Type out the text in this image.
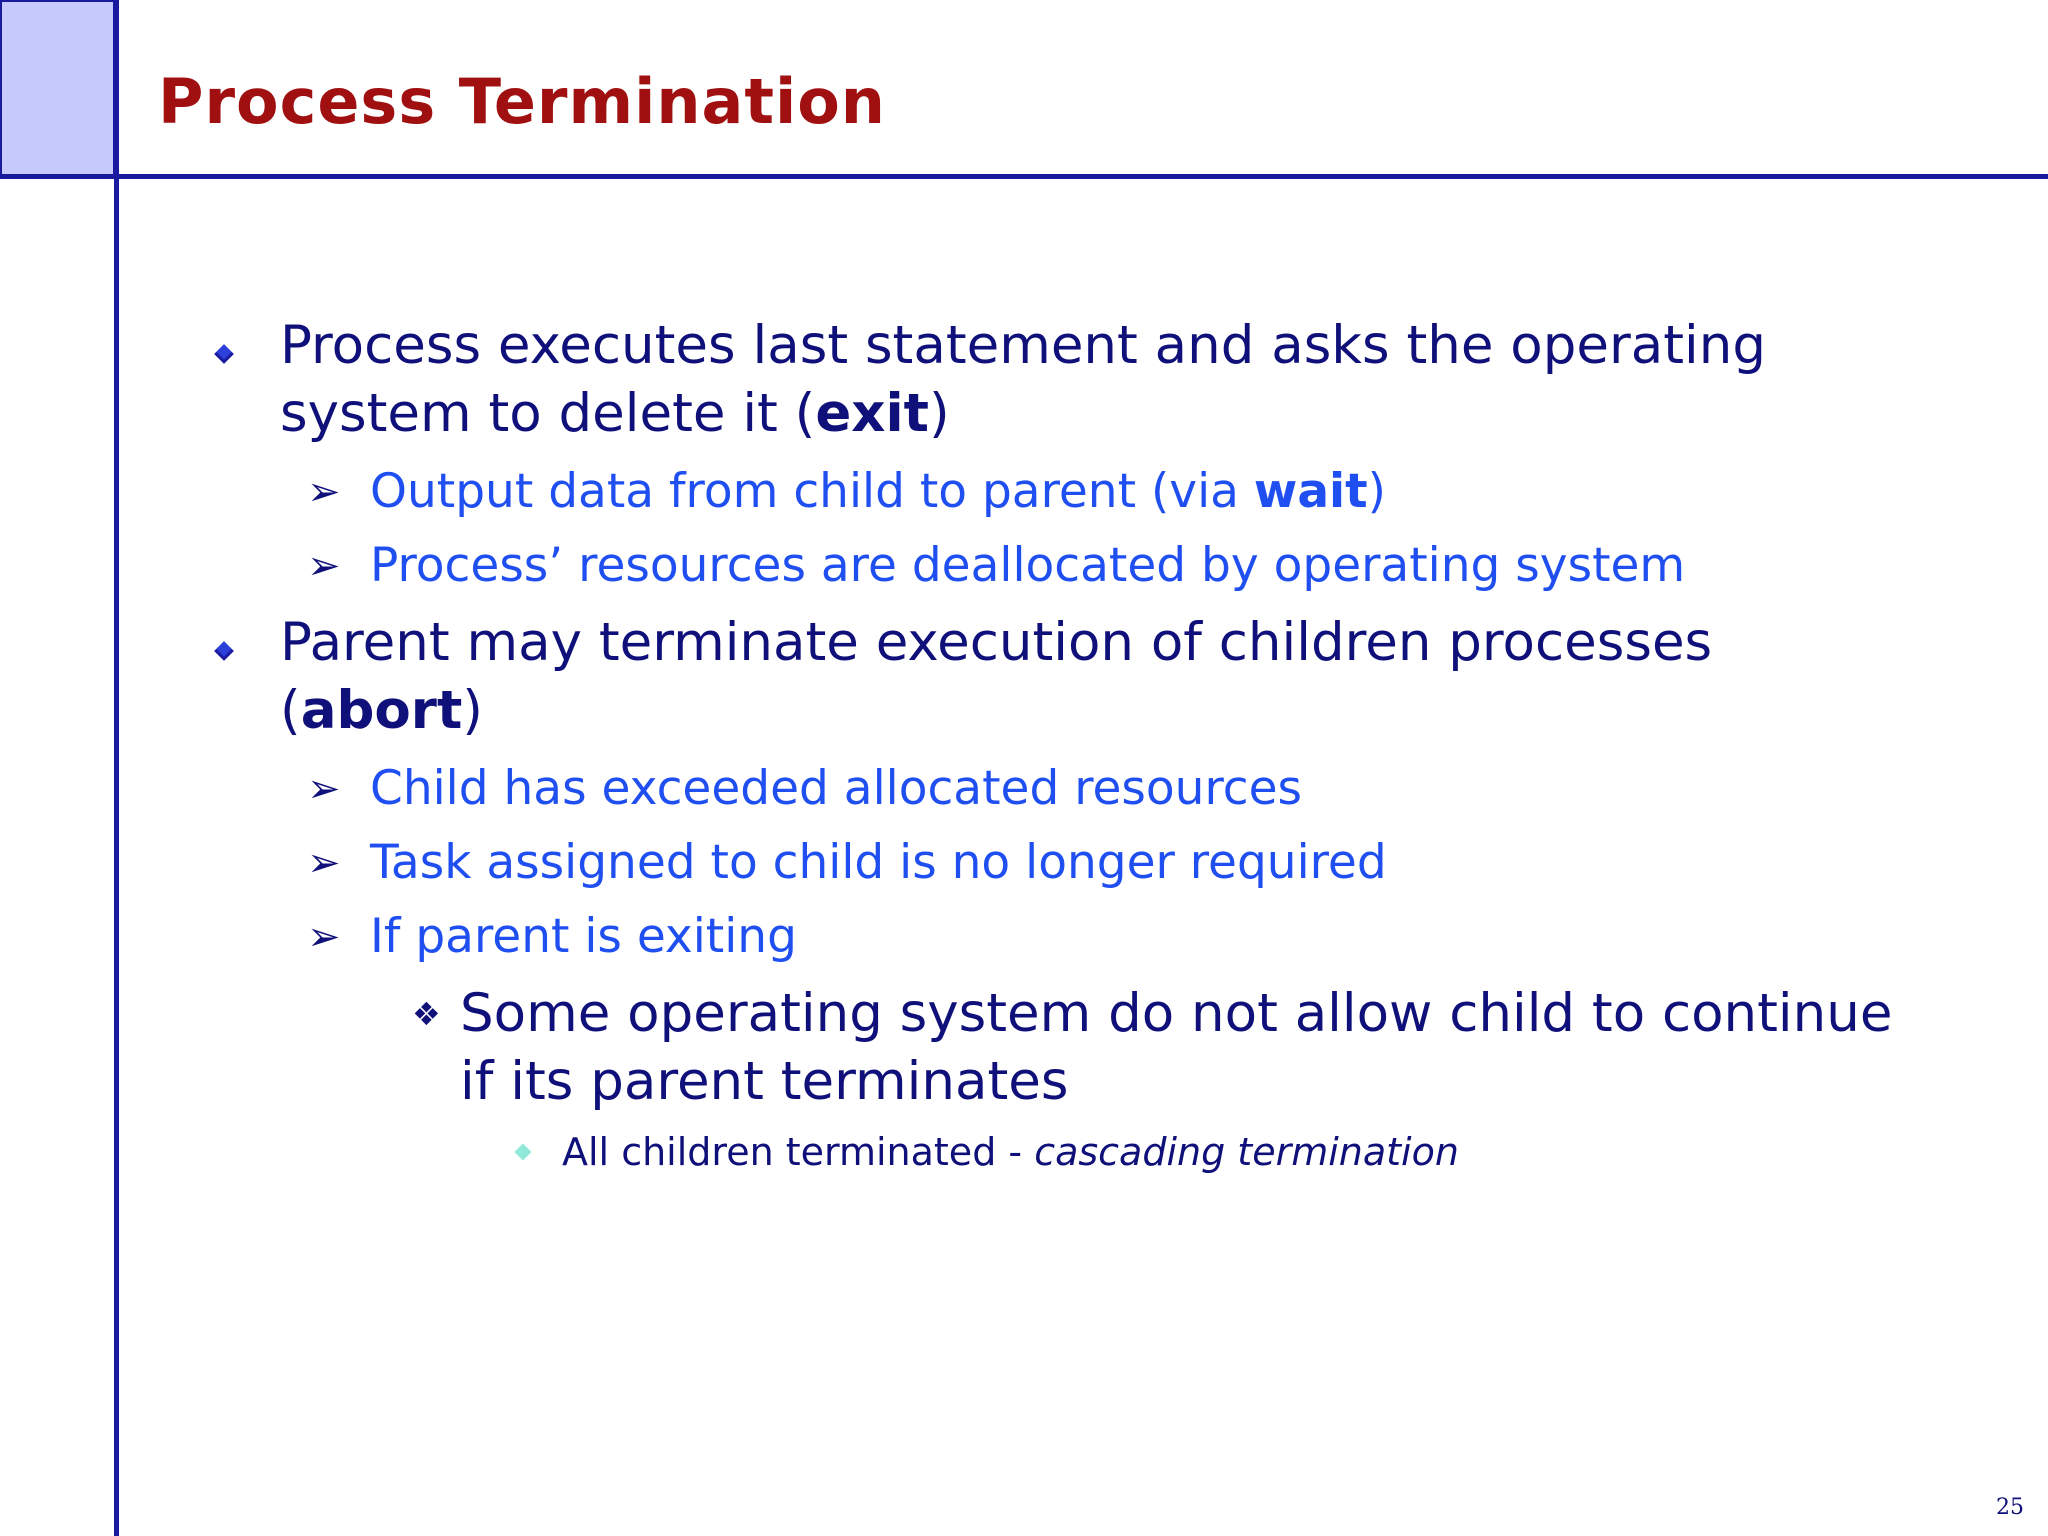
Process Termination

Process executes last statement and asks the operating system to delete it (exit)

➢ Output data from child to parent (via wait)

➢ Process’ resources are deallocated by operating system

Parent may terminate execution of children processes (abort)

➢ Child has exceeded allocated resources

➢ Task assigned to child is no longer required

➢ If parent is exiting

❖ Some operating system do not allow child to continue if its parent terminates

All children terminated - cascading termination

25
